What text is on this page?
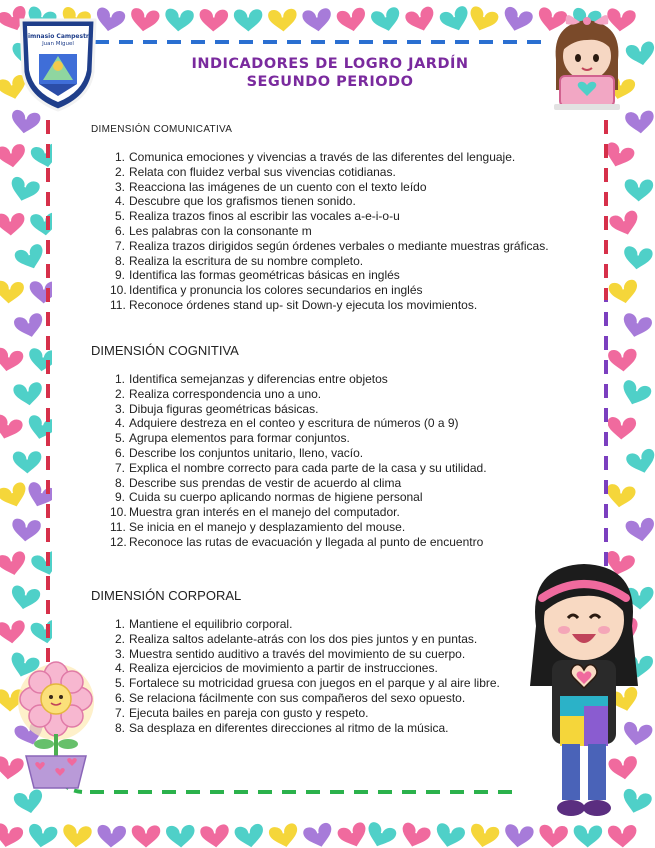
Gimnasio Campestre
Juan Miguel
INDICADORES DE LOGRO JARDÍN
SEGUNDO PERIODO
DIMENSIÓN COMUNICATIVA
1 . Comunica emociones y vivencias a través de las diferentes del lenguaje.
2 . Relata con fluidez verbal sus vivencias cotidianas.
3 . Reacciona las imágenes de un cuento con el texto leído
4 . Descubre que los grafismos tienen sonido.
5 . Realiza trazos finos al escribir las vocales a-e-i-o-u
6 . Les palabras con la consonante m
7 . Realiza trazos dirigidos según órdenes verbales o mediante muestras gráficas.
8 . Realiza la escritura de su nombre completo.
9 . Identifica las formas geométricas básicas en inglés
10 . Identifica y pronuncia los colores secundarios en inglés
11 . Reconoce órdenes stand up- sit Down-y ejecuta los movimientos.
DIMENSIÓN COGNITIVA
1 . Identifica semejanzas y diferencias entre objetos
2 . Realiza correspondencia uno a uno.
3 . Dibuja figuras geométricas básicas.
4 . Adquiere destreza en el conteo y escritura de números (0 a 9)
5 . Agrupa elementos para formar conjuntos.
6 . Describe los conjuntos unitario, lleno, vacío.
7 . Explica el nombre correcto para cada parte de la casa y su utilidad.
8 . Describe sus prendas de vestir de acuerdo al clima
9 . Cuida su cuerpo aplicando normas de higiene personal
10 . Muestra gran interés en el manejo del computador.
11 . Se inicia en el manejo y desplazamiento del mouse.
12 . Reconoce las rutas de evacuación y llegada al punto de encuentro
DIMENSIÓN CORPORAL
1 . Mantiene el equilibrio corporal.
2 . Realiza saltos adelante-atrás con los dos pies juntos y en puntas.
3 . Muestra sentido auditivo a través del movimiento de su cuerpo.
4 . Realiza ejercicios de movimiento a partir de instrucciones.
5 . Fortalece su motricidad gruesa con juegos en el parque y al aire libre.
6 . Se relaciona fácilmente con sus compañeros del sexo opuesto.
7 . Ejecuta bailes en pareja con gusto y respeto.
8 . Sa desplaza en diferentes direcciones al ritmo de la música.
